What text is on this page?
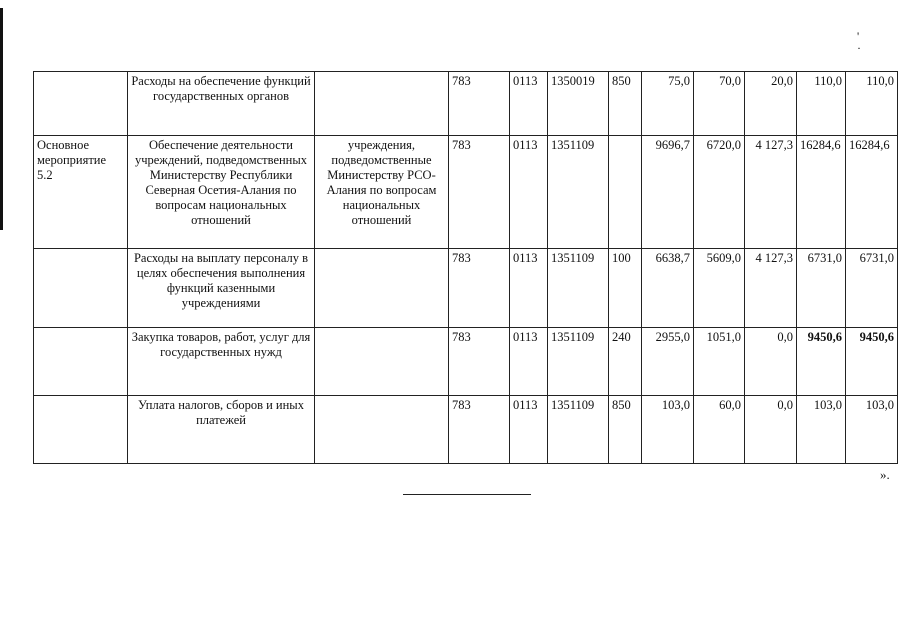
' ·
	Расходы на обеспечение функций государственных органов		783	0113	1350019	850	75,0	70,0	20,0	110,0	110,0
Основное мероприятие 5.2	Обеспечение деятельности учреждений, подведомственных Министерству Республики Северная Осетия-Алания по вопросам национальных отношений	учреждения, подведомственные Министерству РСО-Алания по вопросам национальных отношений	783	0113	1351109		9696,7	6720,0	4 127,3	16284,6	16284,6
	Расходы на выплату персоналу в целях обеспечения выполнения функций казенными учреждениями		783	0113	1351109	100	6638,7	5609,0	4 127,3	6731,0	6731,0
	Закупка товаров, работ, услуг для государственных нужд		783	0113	1351109	240	2955,0	1051,0	0,0	9450,6	9450,6
	Уплата налогов, сборов и иных платежей		783	0113	1351109	850	103,0	60,0	0,0	103,0	103,0
».
